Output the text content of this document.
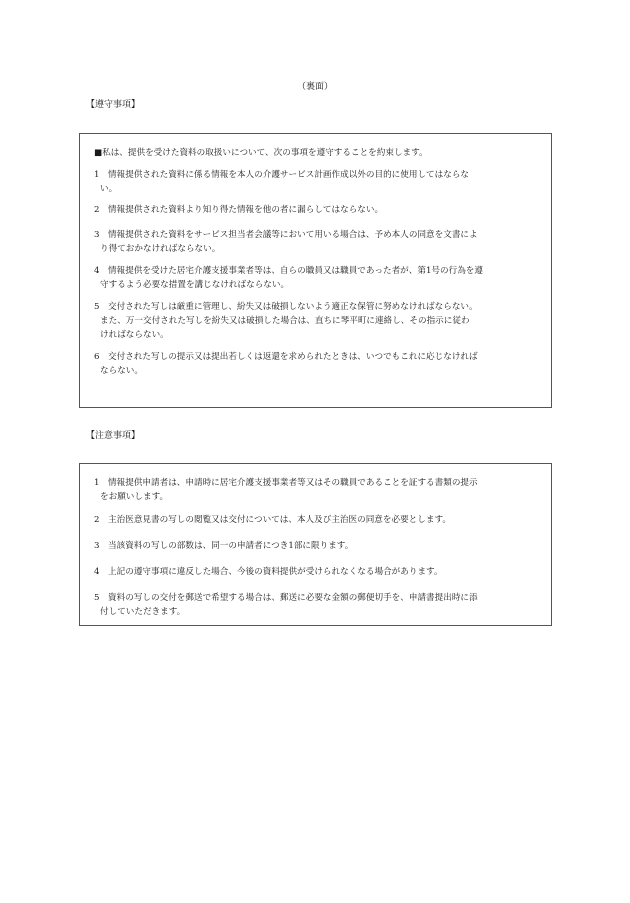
（裏面）
【遵守事項】
■私は、提供を受けた資料の取扱いについて、次の事項を遵守することを約束します。
1　情報提供された資料に係る情報を本人の介護サービス計画作成以外の目的に使用してはならな
い。
2　情報提供された資料より知り得た情報を他の者に漏らしてはならない。
3　情報提供された資料をサービス担当者会議等において用いる場合は、予め本人の同意を文書によ
り得ておかなければならない。
4　情報提供を受けた居宅介護支援事業者等は、自らの職員又は職員であった者が、第1号の行為を遵
守するよう必要な措置を講じなければならない。
5　交付された写しは厳重に管理し、紛失又は破損しないよう適正な保管に努めなければならない。
また、万一交付された写しを紛失又は破損した場合は、直ちに琴平町に連絡し、その指示に従わ
ければならない。
6　交付された写しの提示又は提出若しくは返還を求められたときは、いつでもこれに応じなければ
ならない。
【注意事項】
1　情報提供申請者は、申請時に居宅介護支援事業者等又はその職員であることを証する書類の提示
をお願いします。
2　主治医意見書の写しの閲覧又は交付については、本人及び主治医の同意を必要とします。
3　当該資料の写しの部数は、同一の申請者につき1部に限ります。
4　上記の遵守事項に違反した場合、今後の資料提供が受けられなくなる場合があります。
5　資料の写しの交付を郵送で希望する場合は、郵送に必要な金額の郵便切手を、申請書提出時に添
付していただきます。
